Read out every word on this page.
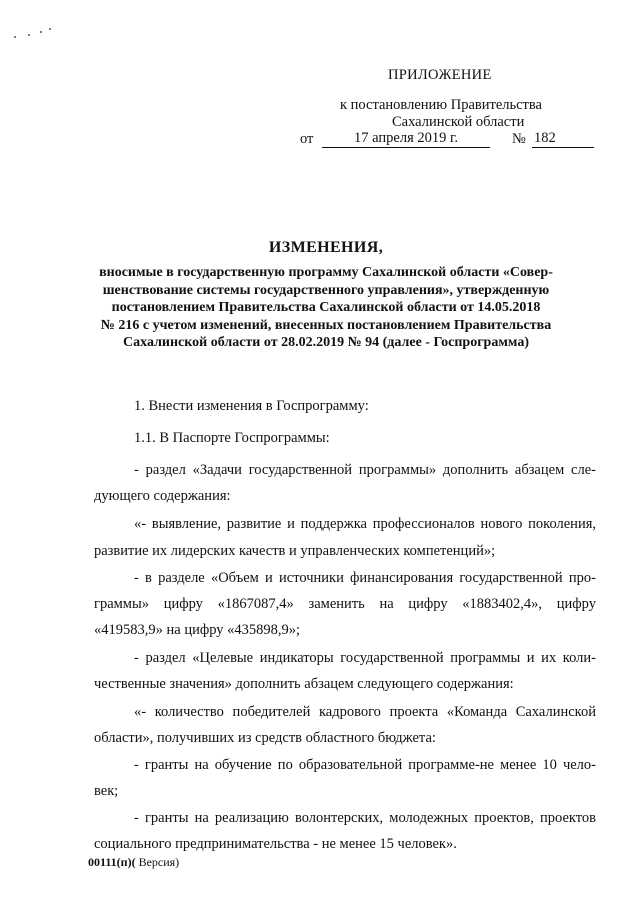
ПРИЛОЖЕНИЕ
к постановлению Правительства
Сахалинской области
от	17 апреля 2019 г.	№ 182
ИЗМЕНЕНИЯ,
вносимые в государственную программу Сахалинской области «Совер-
шенствование системы государственного управления», утвержденную
постановлением Правительства Сахалинской области от 14.05.2018
№ 216 с учетом изменений, внесенных постановлением Правительства
Сахалинской области от 28.02.2019 № 94 (далее - Госпрограмма)
1. Внести изменения в Госпрограмму:
1.1. В Паспорте Госпрограммы:
- раздел «Задачи государственной программы» дополнить абзацем сле-
дующего содержания:
«- выявление, развитие и поддержка профессионалов нового поколения,
развитие их лидерских качеств и управленческих компетенций»;
- в разделе «Объем и источники финансирования государственной про-
граммы» цифру «1867087,4» заменить на цифру «1883402,4», цифру
«419583,9» на цифру «435898,9»;
- раздел «Целевые индикаторы государственной программы и их коли-
чественные значения» дополнить абзацем следующего содержания:
«- количество победителей кадрового проекта «Команда Сахалинской
области», получивших из средств областного бюджета:
- гранты на обучение по образовательной программе-не менее 10 чело-
век;
- гранты на реализацию волонтерских, молодежных проектов, проектов
социального предпринимательства - не менее 15 человек».
00111(п)( Версия)
